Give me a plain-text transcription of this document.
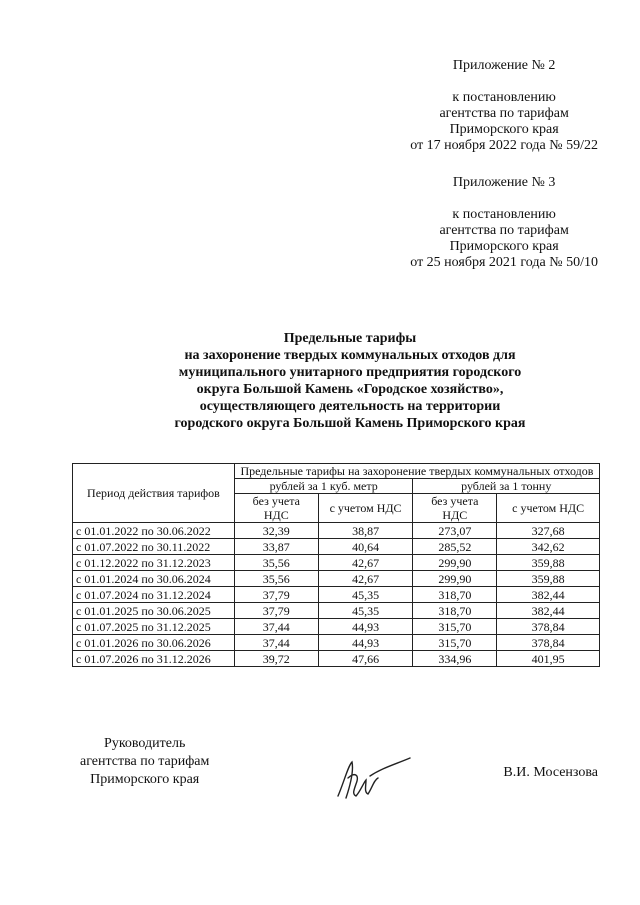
Приложение № 2
к постановлению
агентства по тарифам
Приморского края
от 17 ноября 2022 года № 59/22
Приложение № 3
к постановлению
агентства по тарифам
Приморского края
от 25 ноября 2021 года № 50/10
Предельные тарифы
на захоронение твердых коммунальных отходов для
муниципального унитарного предприятия городского
округа Большой Камень «Городское хозяйство»,
осуществляющего деятельность на территории
городского округа Большой Камень Приморского края
Период действия тарифов	Предельные тарифы на захоронение твердых коммунальных отходов			
	рублей за 1 куб. метр		рублей за 1 тонну	
	без учета НДС	с учетом НДС	без учета НДС	с учетом НДС
с 01.01.2022 по 30.06.2022	32,39	38,87	273,07	327,68
с 01.07.2022 по 30.11.2022	33,87	40,64	285,52	342,62
с 01.12.2022 по 31.12.2023	35,56	42,67	299,90	359,88
с 01.01.2024 по 30.06.2024	35,56	42,67	299,90	359,88
с 01.07.2024 по 31.12.2024	37,79	45,35	318,70	382,44
с 01.01.2025 по 30.06.2025	37,79	45,35	318,70	382,44
с 01.07.2025 по 31.12.2025	37,44	44,93	315,70	378,84
с 01.01.2026 по 30.06.2026	37,44	44,93	315,70	378,84
с 01.07.2026 по 31.12.2026	39,72	47,66	334,96	401,95
Руководитель
агентства по тарифам
Приморского края	В.И. Мосензова
